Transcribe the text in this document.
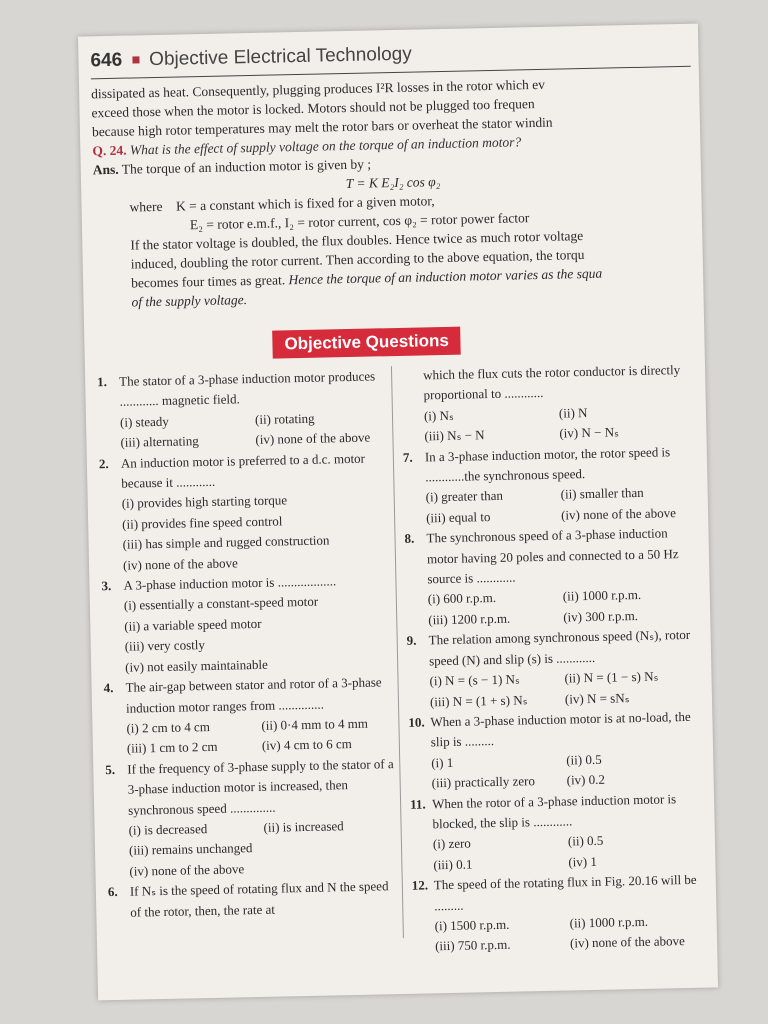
646 Objective Electrical Technology

dissipated as heat. Consequently, plugging produces I²R losses in the rotor which ev

exceed those when the motor is locked. Motors should not be plugged too frequen

because high rotor temperatures may melt the rotor bars or overheat the stator windin

Q. 24. What is the effect of supply voltage on the torque of an induction motor?

Ans. The torque of an induction motor is given by ;

T = K E₂I₂ cos φ₂

where K = a constant which is fixed for a given motor,

E₂ = rotor e.m.f., I₂ = rotor current, cos φ₂ = rotor power factor

If the stator voltage is doubled, the flux doubles. Hence twice as much rotor voltage

induced, doubling the rotor current. Then according to the above equation, the torqu

becomes four times as great. Hence the torque of an induction motor varies as the squa

of the supply voltage.

Objective Questions
1. The stator of a 3-phase induction motor produces ............ magnetic field.
(i) steady	(ii) rotating
(iii) alternating	(iv) none of the above
2. An induction motor is preferred to a d.c. motor because it ............
(i) provides high starting torque
(ii) provides fine speed control
(iii) has simple and rugged construction
(iv) none of the above
3. A 3-phase induction motor is ..................
(i) essentially a constant-speed motor
(ii) a variable speed motor
(iii) very costly
(iv) not easily maintainable
4. The air-gap between stator and rotor of a 3-phase induction motor ranges from ..............
(i) 2 cm to 4 cm	(ii) 0·4 mm to 4 mm
(iii) 1 cm to 2 cm	(iv) 4 cm to 6 cm
5. If the frequency of 3-phase supply to the stator of a 3-phase induction motor is increased, then synchronous speed ..............
(i) is decreased	(ii) is increased
(iii) remains unchanged
(iv) none of the above
6. If Nₛ is the speed of rotating flux and N the speed of the rotor, then, the rate at
which the flux cuts the rotor conductor is directly proportional to ............
(i) Nₛ	(ii) N
(iii) Nₛ − N	(iv) N − Nₛ
7. In a 3-phase induction motor, the rotor speed is ............the synchronous speed.
(i) greater than	(ii) smaller than
(iii) equal to	(iv) none of the above
8. The synchronous speed of a 3-phase induction motor having 20 poles and connected to a 50 Hz source is ............
(i) 600 r.p.m.	(ii) 1000 r.p.m.
(iii) 1200 r.p.m.	(iv) 300 r.p.m.
9. The relation among synchronous speed (Nₛ), rotor speed (N) and slip (s) is ............
(i) N = (s − 1) Nₛ	(ii) N = (1 − s) Nₛ
(iii) N = (1 + s) Nₛ	(iv) N = sNₛ
10. When a 3-phase induction motor is at no-load, the slip is .........
(i) 1	(ii) 0.5
(iii) practically zero	(iv) 0.2
11. When the rotor of a 3-phase induction motor is blocked, the slip is ............
(i) zero	(ii) 0.5
(iii) 0.1	(iv) 1
12. The speed of the rotating flux in Fig. 20.16 will be .........
(i) 1500 r.p.m.	(ii) 1000 r.p.m.
(iii) 750 r.p.m.	(iv) none of the above
